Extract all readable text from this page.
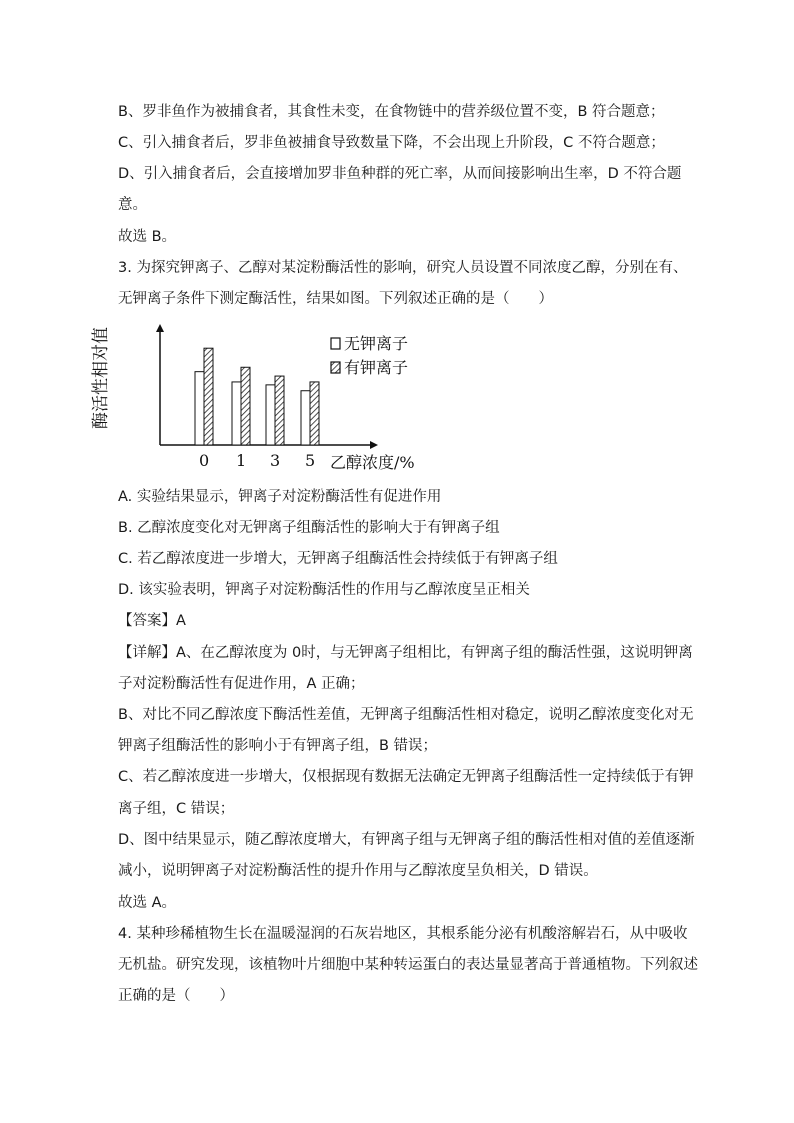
B、罗非鱼作为被捕食者，其食性未变，在食物链中的营养级位置不变，B 符合题意；
C、引入捕食者后，罗非鱼被捕食导致数量下降，不会出现上升阶段，C 不符合题意；
D、引入捕食者后，会直接增加罗非鱼种群的死亡率，从而间接影响出生率，D 不符合题
意。
故选 B。
3. 为探究钾离子、乙醇对某淀粉酶活性的影响，研究人员设置不同浓度乙醇，分别在有、
无钾离子条件下测定酶活性，结果如图。下列叙述正确的是（　　）
A. 实验结果显示，钾离子对淀粉酶活性有促进作用
B. 乙醇浓度变化对无钾离子组酶活性的影响大于有钾离子组
C. 若乙醇浓度进一步增大，无钾离子组酶活性会持续低于有钾离子组
D. 该实验表明，钾离子对淀粉酶活性的作用与乙醇浓度呈正相关
【答案】A
【详解】A、在乙醇浓度为 0时，与无钾离子组相比，有钾离子组的酶活性强，这说明钾离
子对淀粉酶活性有促进作用，A 正确；
B、对比不同乙醇浓度下酶活性差值，无钾离子组酶活性相对稳定，说明乙醇浓度变化对无
钾离子组酶活性的影响小于有钾离子组，B 错误；
C、若乙醇浓度进一步增大，仅根据现有数据无法确定无钾离子组酶活性一定持续低于有钾
离子组，C 错误；
D、图中结果显示，随乙醇浓度增大，有钾离子组与无钾离子组的酶活性相对值的差值逐渐
减小，说明钾离子对淀粉酶活性的提升作用与乙醇浓度呈负相关，D 错误。
故选 A。
4. 某种珍稀植物生长在温暖湿润的石灰岩地区，其根系能分泌有机酸溶解岩石，从中吸收
无机盐。研究发现，该植物叶片细胞中某种转运蛋白的表达量显著高于普通植物。下列叙述
正确的是（　　）
酶活性相对值
乙醇浓度/%
0 1 3 5
无钾离子
有钾离子
